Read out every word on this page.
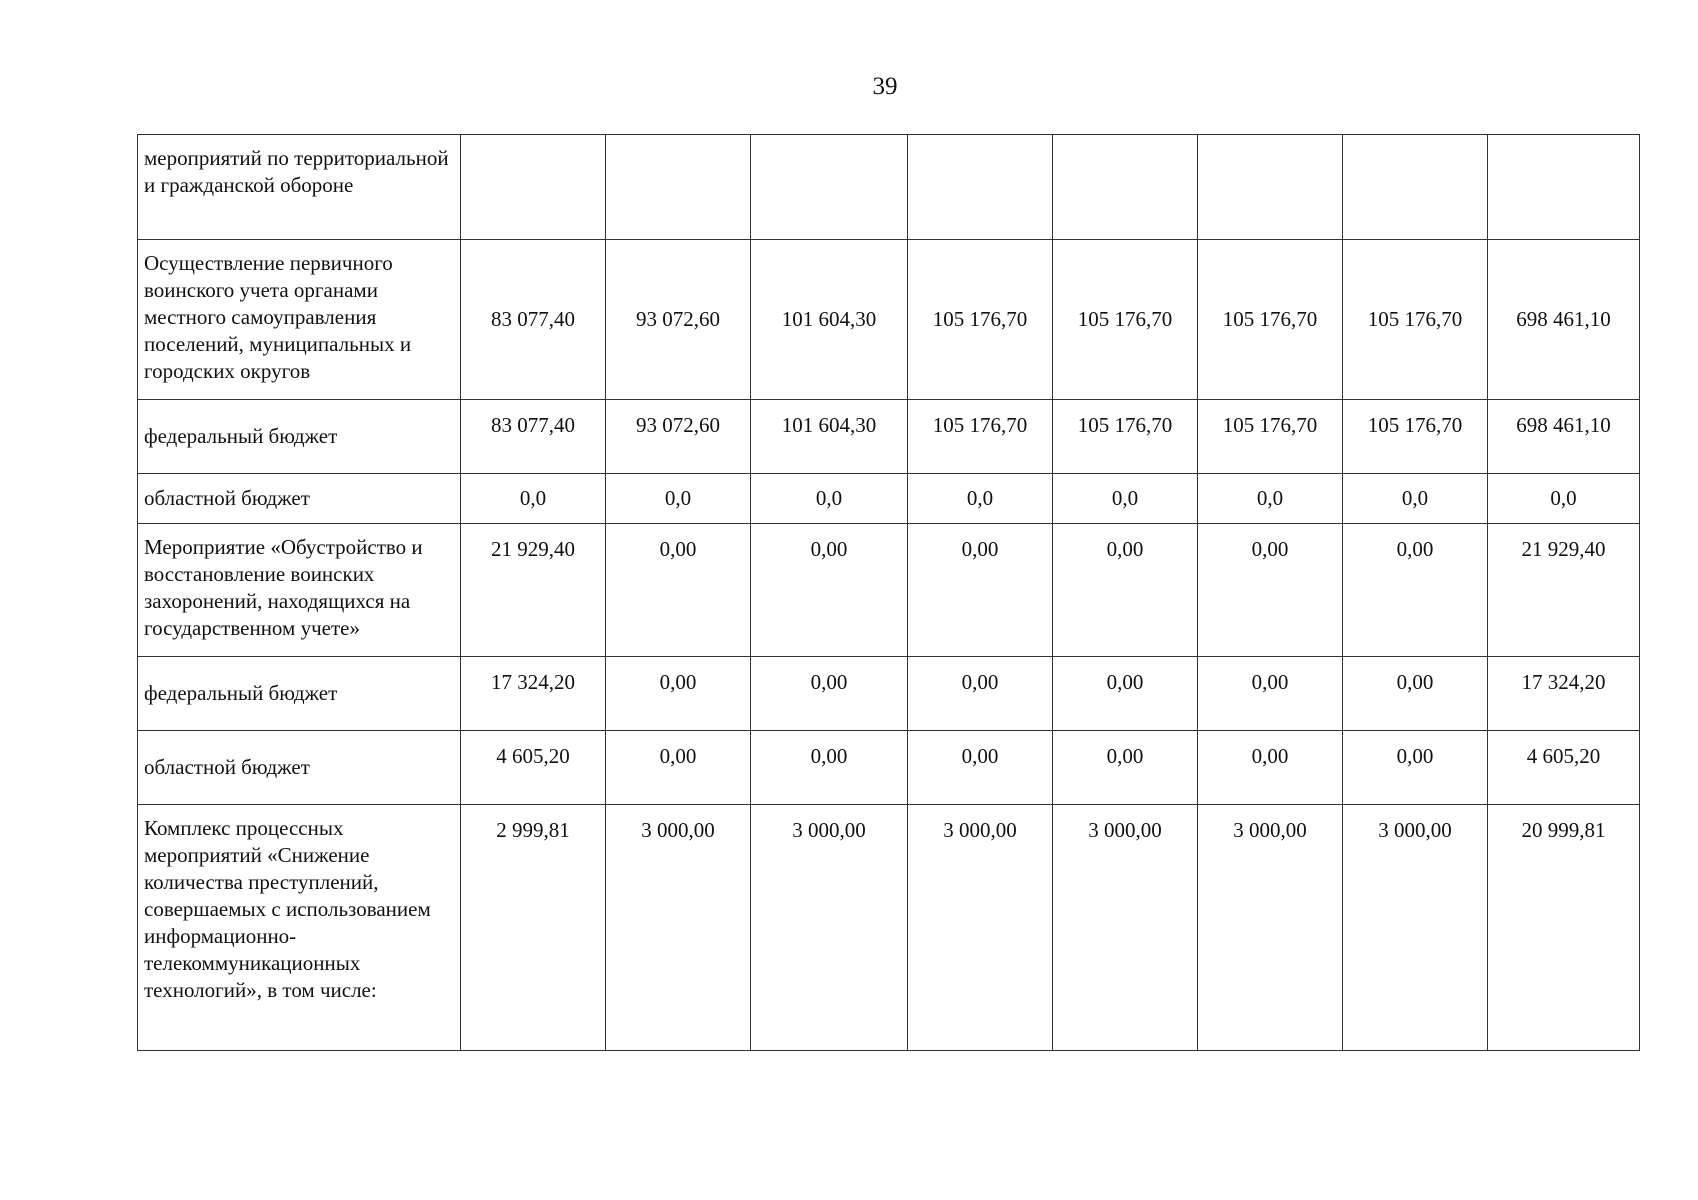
39
мероприятий по территориальной и гражданской обороне								
Осуществление первичного воинского учета органами местного самоуправления поселений, муниципальных и городских округов	83 077,40	93 072,60	101 604,30	105 176,70	105 176,70	105 176,70	105 176,70	698 461,10
федеральный бюджет	83 077,40	93 072,60	101 604,30	105 176,70	105 176,70	105 176,70	105 176,70	698 461,10
областной бюджет	0,0	0,0	0,0	0,0	0,0	0,0	0,0	0,0
Мероприятие «Обустройство и восстановление воинских захоронений, находящихся на государственном учете»	21 929,40	0,00	0,00	0,00	0,00	0,00	0,00	21 929,40
федеральный бюджет	17 324,20	0,00	0,00	0,00	0,00	0,00	0,00	17 324,20
областной бюджет	4 605,20	0,00	0,00	0,00	0,00	0,00	0,00	4 605,20
Комплекс процессных мероприятий «Снижение количества преступлений, совершаемых с использованием информационно-телекоммуникационных технологий», в том числе:	2 999,81	3 000,00	3 000,00	3 000,00	3 000,00	3 000,00	3 000,00	20 999,81
